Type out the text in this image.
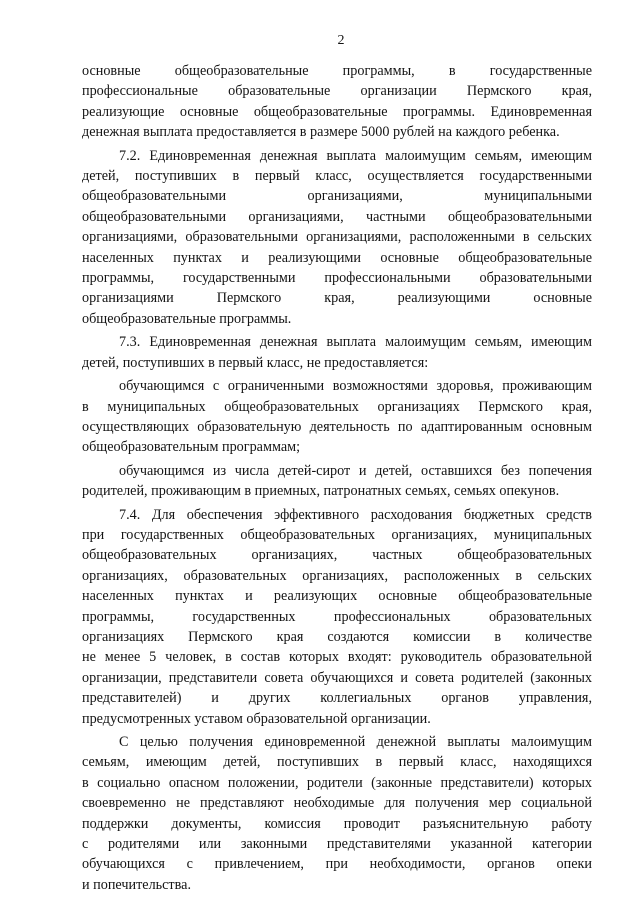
2
основные общеобразовательные программы, в государственные
профессиональные образовательные организации Пермского края,
реализующие основные общеобразовательные программы. Единовременная
денежная выплата предоставляется в размере 5000 рублей на каждого ребенка.
7.2. Единовременная денежная выплата малоимущим семьям, имеющим
детей, поступивших в первый класс, осуществляется государственными
общеобразовательными организациями, муниципальными
общеобразовательными организациями, частными общеобразовательными
организациями, образовательными организациями, расположенными в сельских
населенных пунктах и реализующими основные общеобразовательные
программы, государственными профессиональными образовательными
организациями Пермского края, реализующими основные
общеобразовательные программы.
7.3. Единовременная денежная выплата малоимущим семьям, имеющим
детей, поступивших в первый класс, не предоставляется:
обучающимся с ограниченными возможностями здоровья, проживающим
в муниципальных общеобразовательных организациях Пермского края,
осуществляющих образовательную деятельность по адаптированным основным
общеобразовательным программам;
обучающимся из числа детей-сирот и детей, оставшихся без попечения
родителей, проживающим в приемных, патронатных семьях, семьях опекунов.
7.4. Для обеспечения эффективного расходования бюджетных средств
при государственных общеобразовательных организациях, муниципальных
общеобразовательных организациях, частных общеобразовательных
организациях, образовательных организациях, расположенных в сельских
населенных пунктах и реализующих основные общеобразовательные
программы, государственных профессиональных образовательных
организациях Пермского края создаются комиссии в количестве
не менее 5 человек, в состав которых входят: руководитель образовательной
организации, представители совета обучающихся и совета родителей (законных
представителей) и других коллегиальных органов управления,
предусмотренных уставом образовательной организации.
С целью получения единовременной денежной выплаты малоимущим
семьям, имеющим детей, поступивших в первый класс, находящихся
в социально опасном положении, родители (законные представители) которых
своевременно не представляют необходимые для получения мер социальной
поддержки документы, комиссия проводит разъяснительную работу
с родителями или законными представителями указанной категории
обучающихся с привлечением, при необходимости, органов опеки
и попечительства.
